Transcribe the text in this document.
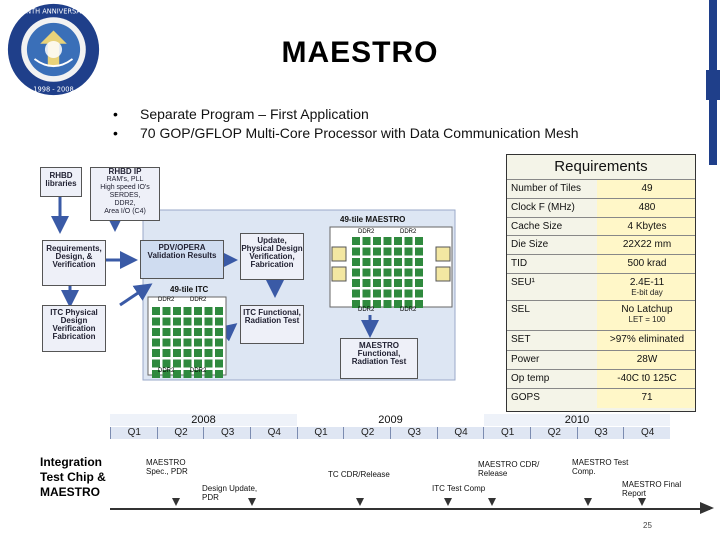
TENTH ANNIVERSARY
1998 - 2008
MAESTRO
• Separate Program – First Application
• 70 GOP/GFLOP Multi-Core Processor with Data Communication Mesh
RHBD libraries
RHBD IP
RAM's, PLL
High speed IO's
SERDES,
DDR2,
Area I/O (C4)
Requirements, Design, & Verification
PDV/OPERA Validation Results
Update, Physical Design Verification, Fabrication
49-tile MAESTRO
49-tile ITC
DDR2	DDR2
DDR2	DDR2
DDR2	DDR2
DDR2	DDR2
ITC Physical Design Verification Fabrication
ITC Functional, Radiation Test
MAESTRO Functional, Radiation Test
Requirements
Number of Tiles	49
Clock F (MHz)	480
Cache Size	4 Kbytes
Die Size	22X22 mm
TID	500 krad
SEU¹	2.4E-11
E-bit day
SEL	No Latchup
LET = 100
SET	>97% eliminated
Power	28W
Op temp	-40C t0 125C
GOPS	71
2008	2009	2010
Q1	Q2	Q3	Q4	Q1	Q2	Q3	Q4	Q1	Q2	Q3	Q4
MAESTRO Spec., PDR
Design Update, PDR
TC CDR/Release
ITC Test Comp
MAESTRO CDR/ Release
MAESTRO Test Comp.
MAESTRO Final Report
Integration Test Chip & MAESTRO
25
